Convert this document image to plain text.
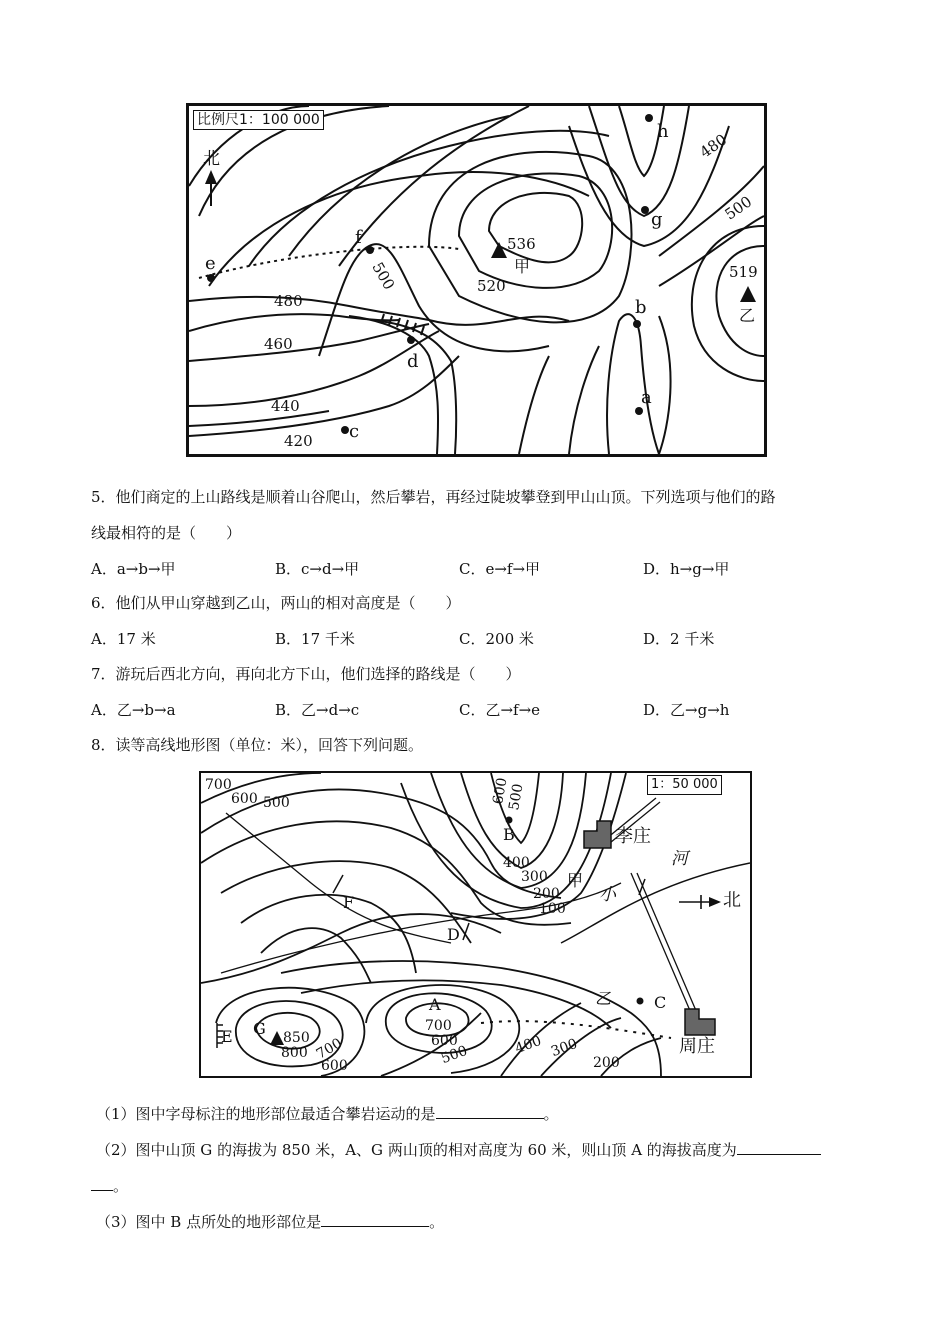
比例尺1：100 000
北
420
440
460
480
500	520
536
480
500
519
a
b
c
d
e
f
g
h
甲
乙
5．他们商定的上山路线是顺着山谷爬山，然后攀岩，再经过陡坡攀登到甲山山顶。下列选项与他们的路
线最相符的是（　　）
A．a→b→甲	B．c→d→甲	C．e→f→甲	D．h→g→甲
6．他们从甲山穿越到乙山，两山的相对高度是（　　）
A．17 米	B．17 千米	C．200 米	D．2 千米
7．游玩后西北方向，再向北方下山，他们选择的路线是（　　）
A．乙→b→a	B．乙→d→c	C．乙→f→e	D．乙→g→h
8．读等高线地形图（单位：米），回答下列问题。
1：50 000
北
700
600 500	600
500
400
300
200
100
850
800 700
600
700
600
500	400 300
200
A
B
C
D
E
F
G
李庄
周庄
甲
乙
小
河
（1）图中字母标注的地形部位最适合攀岩运动的是	。
（2）图中山顶 G 的海拔为 850 米，A、G 两山顶的相对高度为 60 米，则山顶 A 的海拔高度为
。
（3）图中 B 点所处的地形部位是	。
